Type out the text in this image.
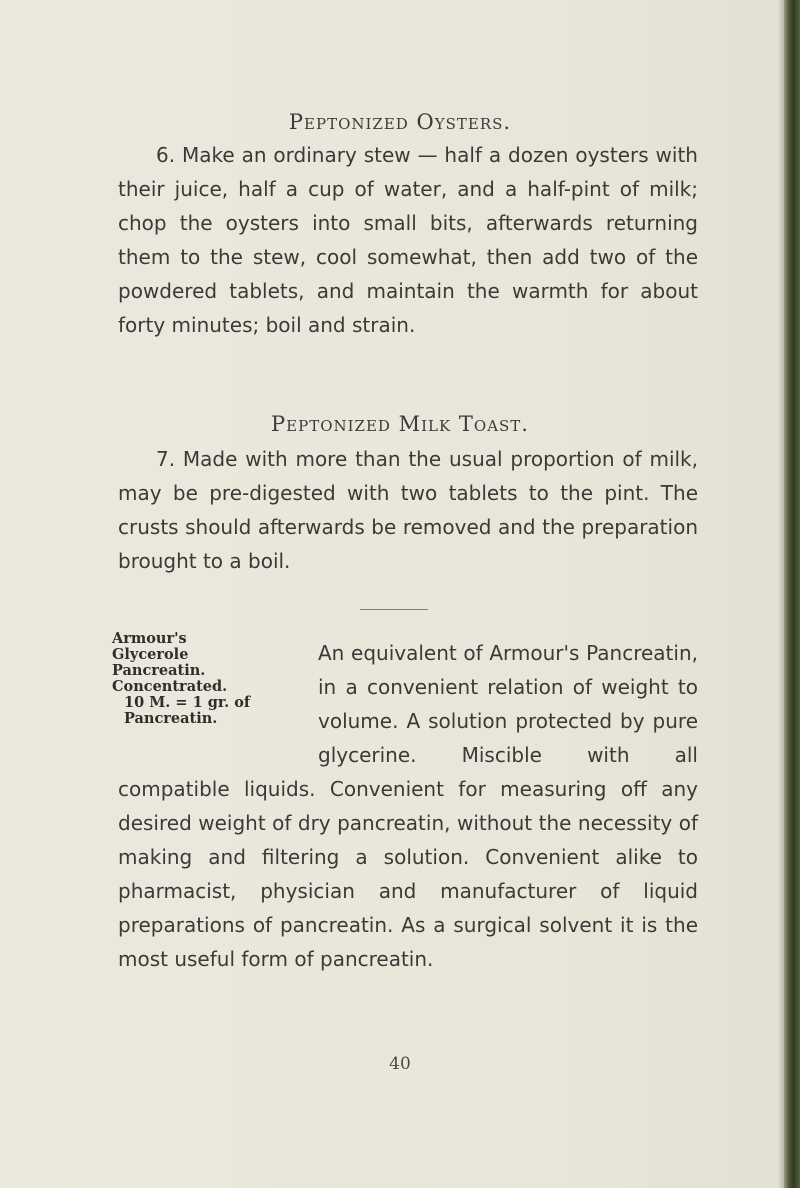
Peptonized Oysters.

6. Make an ordinary stew — half a dozen oysters with their juice, half a cup of water, and a half-pint of milk; chop the oysters into small bits, afterwards returning them to the stew, cool somewhat, then add two of the powdered tablets, and maintain the warmth for about forty minutes; boil and strain.

Peptonized Milk Toast.

7. Made with more than the usual proportion of milk, may be pre-digested with two tablets to the pint. The crusts should afterwards be removed and the preparation brought to a boil.

Armour's
Glycerole
Pancreatin.
Concentrated.
10 M. = 1 gr. of
Pancreatin.
An equivalent of Armour's Pancreatin, in a convenient relation of weight to volume. A solution protected by pure glycerine. Miscible with all compatible liquids. Convenient for measuring off any desired weight of dry pancreatin, without the necessity of making and filtering a solution. Convenient alike to pharmacist, physician and manufacturer of liquid preparations of pancreatin. As a surgical solvent it is the most useful form of pancreatin.
40
